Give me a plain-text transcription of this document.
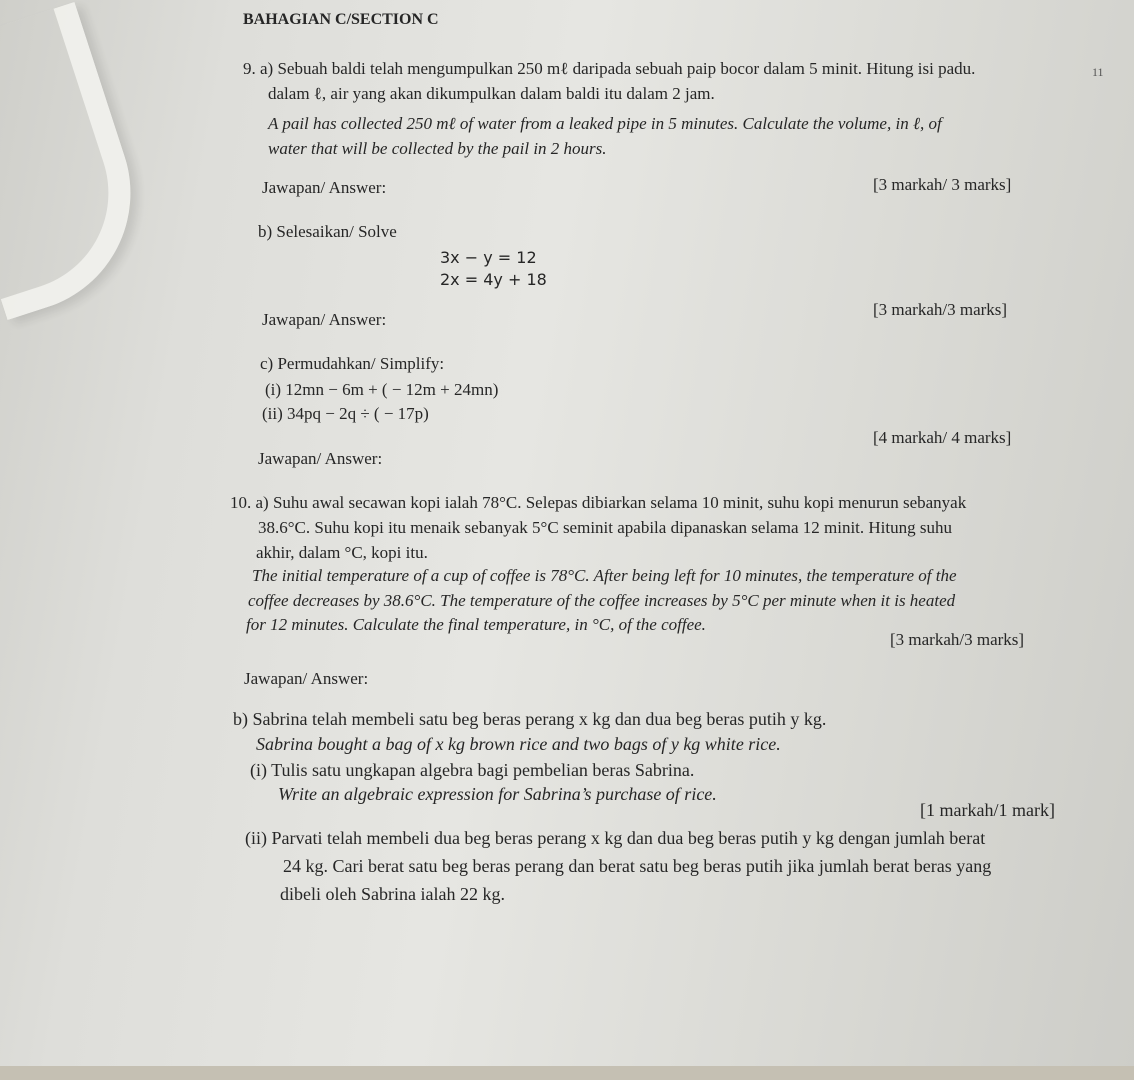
BAHAGIAN C/SECTION C
11
9. a) Sebuah baldi telah mengumpulkan 250 mℓ daripada sebuah paip bocor dalam 5 minit. Hitung isi padu.
dalam ℓ, air yang akan dikumpulkan dalam baldi itu dalam 2 jam.
A pail has collected 250 mℓ of water from a leaked pipe in 5 minutes. Calculate the volume, in ℓ, of
water that will be collected by the pail in 2 hours.
Jawapan/ Answer:	[3 markah/ 3 marks]
b) Selesaikan/ Solve
3x − y = 12
2x = 4y + 18
Jawapan/ Answer:
[3 markah/3 marks]
c) Permudahkan/ Simplify:
(i) 12mn − 6m + ( − 12m + 24mn)
(ii) 34pq − 2q ÷ ( − 17p)
[4 markah/ 4 marks]
Jawapan/ Answer:
10. a) Suhu awal secawan kopi ialah 78°C. Selepas dibiarkan selama 10 minit, suhu kopi menurun sebanyak
38.6°C. Suhu kopi itu menaik sebanyak 5°C seminit apabila dipanaskan selama 12 minit. Hitung suhu
akhir, dalam °C, kopi itu.
The initial temperature of a cup of coffee is 78°C. After being left for 10 minutes, the temperature of the
coffee decreases by 38.6°C. The temperature of the coffee increases by 5°C per minute when it is heated
for 12 minutes. Calculate the final temperature, in °C, of the coffee.
[3 markah/3 marks]
Jawapan/ Answer:
b) Sabrina telah membeli satu beg beras perang x kg dan dua beg beras putih y kg.
Sabrina bought a bag of x kg brown rice and two bags of y kg white rice.
(i) Tulis satu ungkapan algebra bagi pembelian beras Sabrina.
Write an algebraic expression for Sabrina’s purchase of rice.
[1 markah/1 mark]
(ii) Parvati telah membeli dua beg beras perang x kg dan dua beg beras putih y kg dengan jumlah berat
24 kg. Cari berat satu beg beras perang dan berat satu beg beras putih jika jumlah berat beras yang
dibeli oleh Sabrina ialah 22 kg.
